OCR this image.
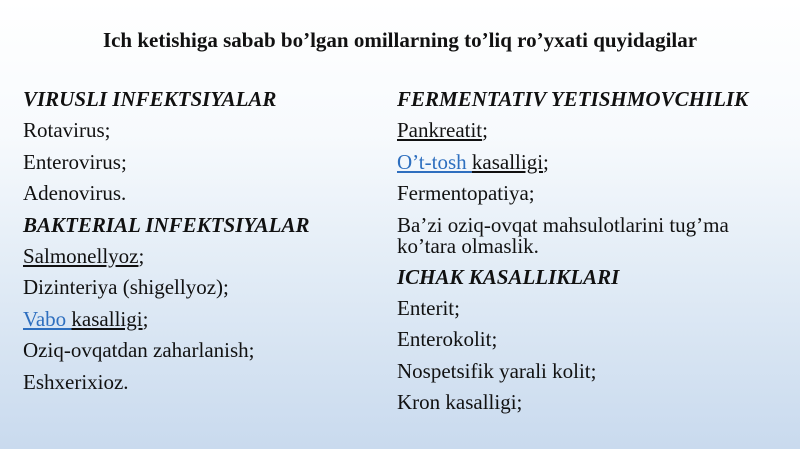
Ich ketishiga sabab bo’lgan omillarning to’liq ro’yxati quyidagilar
VIRUSLI INFEKTSIYALAR
Rotavirus;
Enterovirus;
Adenovirus.
BAKTERIAL INFEKTSIYALAR
Salmonellyoz;
Dizinteriya (shigellyoz);
Vabo kasalligi;
Oziq-ovqatdan zaharlanish;
Eshxerixioz.
FERMENTATIV YETISHMOVCHILIK
Pankreatit;
O’t-tosh kasalligi;
Fermentopatiya;
Ba’zi oziq-ovqat mahsulotlarini tug’ma ko’tara olmaslik.
ICHAK KASALLIKLARI
Enterit;
Enterokolit;
Nospetsifik yarali kolit;
Kron kasalligi;
